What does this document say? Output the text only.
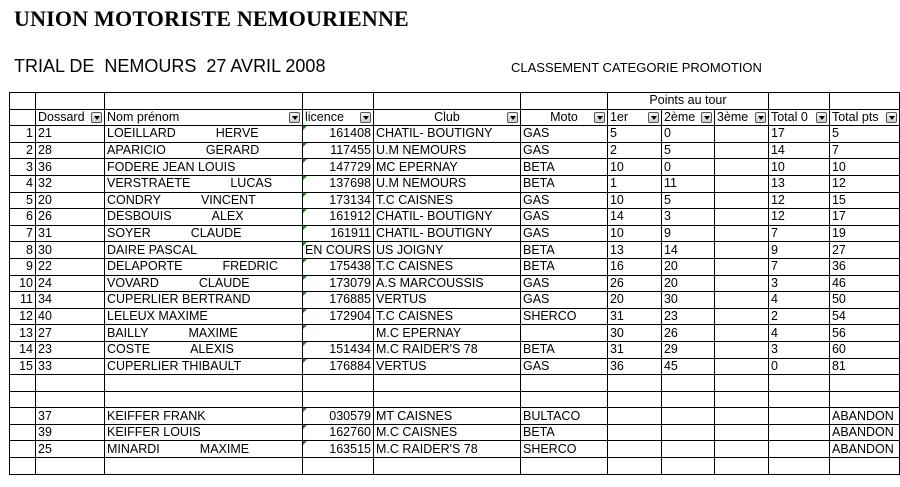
UNION MOTORISTE NEMOURIENNE
TRIAL DE  NEMOURS  27 AVRIL 2008	CLASSEMENT CATEGORIE PROMOTION
						Points au tour				
	Dossard	Nom prénom	licence	Club	Moto	1er	2ème	3ème	Total 0	Total pts

1	21	LOEILLARD HERVE	161408	CHATIL- BOUTIGNY	GAS	5	0		17	5
2	28	APARICIO GERARD	117455	U.M NEMOURS	GAS	2	5		14	7
3	36	FODERE JEAN LOUIS	147729	MC EPERNAY	BETA	10	0		10	10
4	32	VERSTRAETE LUCAS	137698	U.M NEMOURS	BETA	1	11		13	12
5	20	CONDRY VINCENT	173134	T.C CAISNES	GAS	10	5		12	15
6	26	DESBOUIS ALEX	161912	CHATIL- BOUTIGNY	GAS	14	3		12	17
7	31	SOYER CLAUDE	161911	CHATIL- BOUTIGNY	GAS	10	9		7	19
8	30	DAIRE PASCAL	EN COURS	US JOIGNY	BETA	13	14		9	27
9	22	DELAPORTE FREDRIC	175438	T.C CAISNES	BETA	16	20		7	36
10	24	VOVARD CLAUDE	173079	A.S MARCOUSSIS	GAS	26	20		3	46
11	34	CUPERLIER BERTRAND	176885	VERTUS	GAS	20	30		4	50
12	40	LELEUX MAXIME	172904	T.C CAISNES	SHERCO	31	23		2	54
13	27	BAILLY MAXIME		M.C EPERNAY		30	26		4	56
14	23	COSTE ALEXIS	151434	M.C RAIDER'S 78	BETA	31	29		3	60
15	33	CUPERLIER THIBAULT	176884	VERTUS	GAS	36	45		0	81

	37	KEIFFER FRANK	030579	MT CAISNES	BULTACO					ABANDON
	39	KEIFFER LOUIS	162760	M.C CAISNES	BETA					ABANDON
	25	MINARDI MAXIME	163515	M.C RAIDER'S 78	SHERCO					ABANDON
